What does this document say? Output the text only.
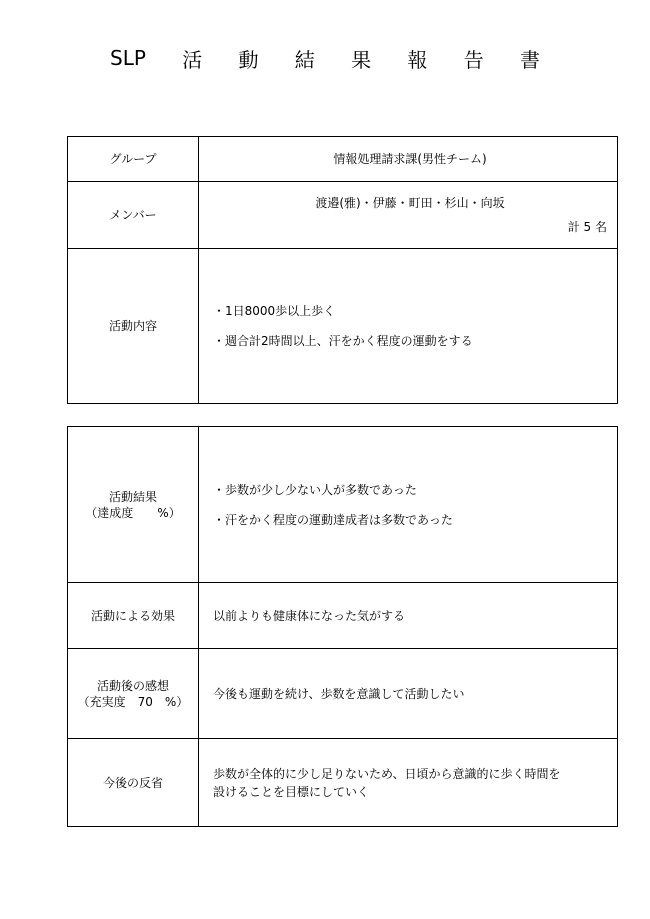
SLP 活 動 結 果 報 告 書
グループ	情報処理請求課(男性チーム)
メンバー	渡邉(雅)・伊藤・町田・杉山・向坂
計 5 名

活動内容	・1日8000歩以上歩く
・週合計2時間以上、汗をかく程度の運動をする
活動結果
（達成度　　%）	・歩数が少し少ない人が多数であった
・汗をかく程度の運動達成者は多数であった

活動による効果	以前よりも健康体になった気がする

活動後の感想
（充実度　70　%）	今後も運動を続け、歩数を意識して活動したい
今後の反省	歩数が全体的に少し足りないため、日頃から意識的に歩く時間を
設けることを目標にしていく
